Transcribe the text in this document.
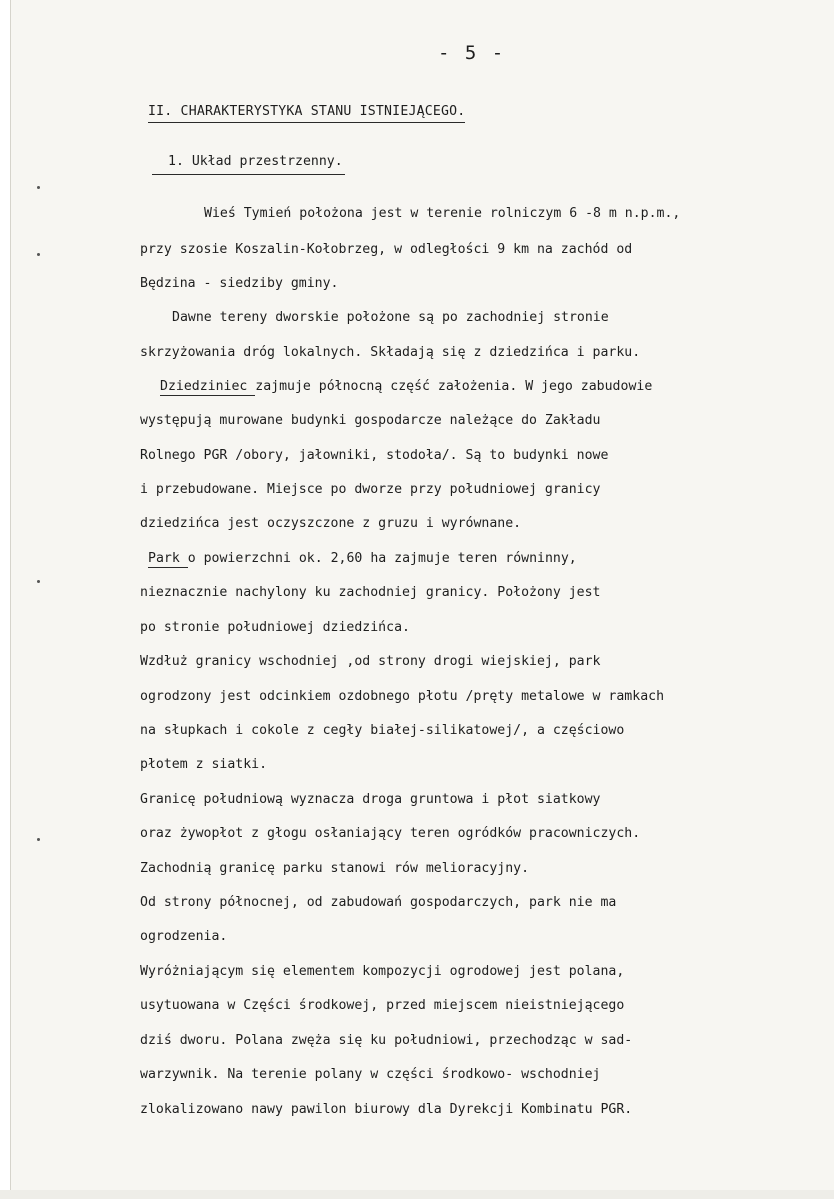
- 5 -
II. CHARAKTERYSTYKA STANU ISTNIEJĄCEGO.
1. Układ przestrzenny.
Wieś Tymień położona jest w terenie rolniczym 6 -8 m n.p.m.,
przy szosie Koszalin-Kołobrzeg, w odległości 9 km na zachód od
Będzina - siedziby gminy.
Dawne tereny dworskie położone są po zachodniej stronie
skrzyżowania dróg lokalnych. Składają się z dziedzińca i parku.
Dziedziniec zajmuje północną część założenia. W jego zabudowie
występują murowane budynki gospodarcze należące do Zakładu
Rolnego PGR /obory, jałowniki, stodoła/. Są to budynki nowe
i przebudowane. Miejsce po dworze przy południowej granicy
dziedzińca jest oczyszczone z gruzu i wyrównane.
Park o powierzchni ok. 2,60 ha zajmuje teren równinny,
nieznacznie nachylony ku zachodniej granicy. Położony jest
po stronie południowej dziedzińca.
Wzdłuż granicy wschodniej ,od strony drogi wiejskiej, park
ogrodzony jest odcinkiem ozdobnego płotu /pręty metalowe w ramkach
na słupkach i cokole z cegły białej-silikatowej/, a częściowo
płotem z siatki.
Granicę południową wyznacza droga gruntowa i płot siatkowy
oraz żywopłot z głogu osłaniający teren ogródków pracowniczych.
Zachodnią granicę parku stanowi rów melioracyjny.
Od strony północnej, od zabudowań gospodarczych, park nie ma
ogrodzenia.
Wyróżniającym się elementem kompozycji ogrodowej jest polana,
usytuowana w Części środkowej, przed miejscem nieistniejącego
dziś dworu. Polana zwęża się ku południowi, przechodząc w sad-
warzywnik. Na terenie polany w części środkowo- wschodniej
zlokalizowano nawy pawilon biurowy dla Dyrekcji Kombinatu PGR.
